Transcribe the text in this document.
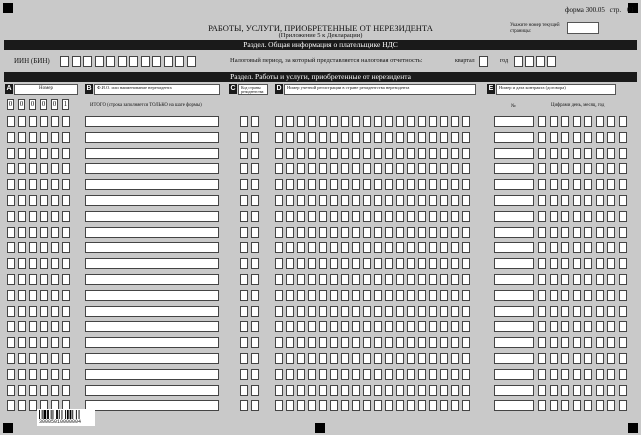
форма 300.05 стр. 01
РАБОТЫ, УСЛУГИ, ПРИОБРЕТЕННЫЕ ОТ НЕРЕЗИДЕНТА
(Приложение 5 к Декларации)
Укажите номер текущей страницы:
Раздел. Общая информация о плательщике НДС
ИИН (БИН)	Налоговый период, за который представляется налоговая отчетность:	квартал	год
Раздел. Работы и услуги, приобретенные от нерезидента
A	Номер	B	Ф.И.О. или наименование нерезидента	C	Код страны резидентства	D	Номер учетной регистрации в стране резидентства нерезидента	E	Номер и дата контракта (договора)
0 0 0 0 0 1	ИТОГО (строка заполняется ТОЛЬКО на шаге формы)	№	Цифрами день, месяц, год
30005010000004
